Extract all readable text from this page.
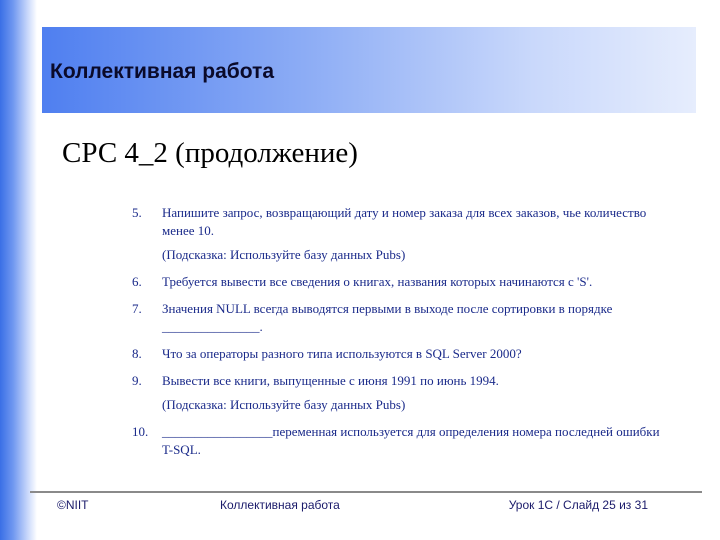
Коллективная работа
СРС 4_2 (продолжение)
5. Напишите запрос, возвращающий дату и номер заказа для всех заказов, чье количество менее 10.
(Подсказка: Используйте базу данных Pubs)
6. Требуется вывести все сведения о книгах, названия которых начинаются с 'S'.
7. Значения NULL всегда выводятся первыми в выходе после сортировки в порядке _______________.
8. Что за операторы разного типа используются в SQL Server 2000?
9. Вывести все книги, выпущенные с июня 1991 по июнь 1994.
(Подсказка: Используйте базу данных Pubs)
10. _________________переменная используется для определения номера последней ошибки T-SQL.
©NIIT	Коллективная работа	Урок 1С / Слайд 25 из 31
